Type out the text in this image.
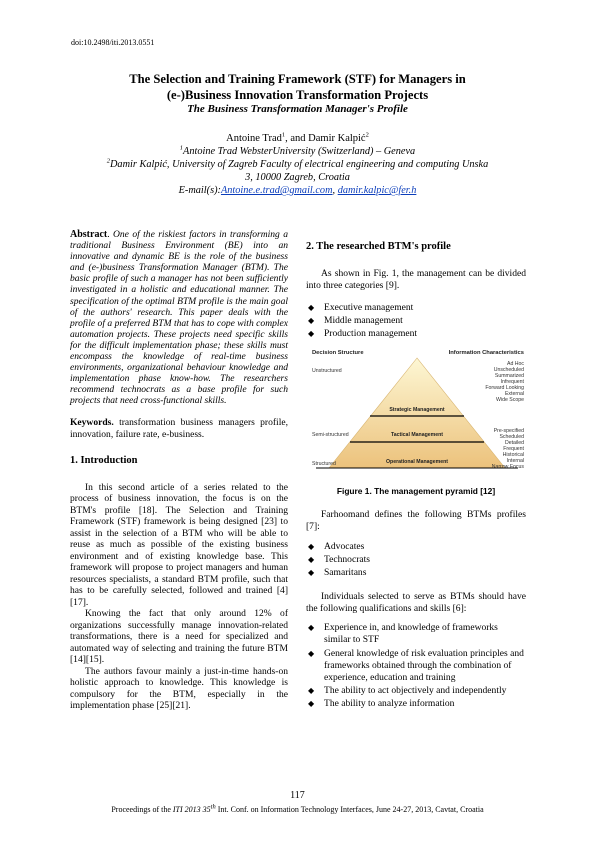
doi:10.2498/iti.2013.0551
The Selection and Training Framework (STF) for Managers in
(e-)Business Innovation Transformation Projects
The Business Transformation Manager's Profile
Antoine Trad$^1$, and Damir Kalpić$^2$
$^1$Antoine Trad WebsterUniversity (Switzerland) – Geneva
$^2$Damir Kalpić, University of Zagreb Faculty of electrical engineering and computing Unska
3, 10000 Zagreb, Croatia
E-mail(s):Antoine.e.trad@gmail.com, damir.kalpic@fer.h
Abstract. One of the riskiest factors in transforming a traditional Business Environment (BE) into an innovative and dynamic BE is the role of the business and (e-)business Transformation Manager (BTM). The basic profile of such a manager has not been sufficiently investigated in a holistic and educational manner. The specification of the optimal BTM profile is the main goal of the authors' research. This paper deals with the profile of a preferred BTM that has to cope with complex automation projects. These projects need specific skills for the difficult implementation phase; these skills must encompass the knowledge of real-time business environments, organizational behaviour knowledge and implementation phase know-how. The researchers recommend technocrats as a base profile for such projects that need cross-functional skills.
Keywords. transformation business managers profile, innovation, failure rate, e-business.
1. Introduction

In this second article of a series related to the process of business innovation, the focus is on the BTM's profile [18]. The Selection and Training Framework (STF) framework is being designed [23] to assist in the selection of a BTM who will be able to reuse as much as possible of the existing business environment and of existing knowledge base. This framework will propose to project managers and human resources specialists, a standard BTM profile, such that has to be carefully selected, followed and trained [4][17].

Knowing the fact that only around 12% of organizations successfully manage innovation-related transformations, there is a need for specialized and automated way of selecting and training the future BTM [14][15].

The authors favour mainly a just-in-time hands-on holistic approach to knowledge. This knowledge is compulsory for the BTM, especially in the implementation phase [25][21].

2. The researched BTM's profile

As shown in Fig. 1, the management can be divided into three categories [9].

◆ Executive management
◆ Middle management
◆ Production management
Decision Structure	Information Characteristics
Unstructured
Semi-structured
Structured
Strategic Management
Tactical Management
Operational Management
Ad Hoc
Unscheduled
Summarized
Infrequent
Forward Looking
External
Wide Scope
Pre-specified
Scheduled
Detailed
Frequent
Historical
Internal
Narrow Focus
Figure 1. The management pyramid [12]

Farhoomand defines the following BTMs profiles [7]:

◆ Advocates
◆ Technocrats
◆ Samaritans

Individuals selected to serve as BTMs should have the following qualifications and skills [6]:

◆ Experience in, and knowledge of frameworks similar to STF
◆ General knowledge of risk evaluation principles and frameworks obtained through the combination of experience, education and training
◆ The ability to act objectively and independently
◆ The ability to analyze information
117
Proceedings of the ITI 2013 35th Int. Conf. on Information Technology Interfaces, June 24-27, 2013, Cavtat, Croatia
